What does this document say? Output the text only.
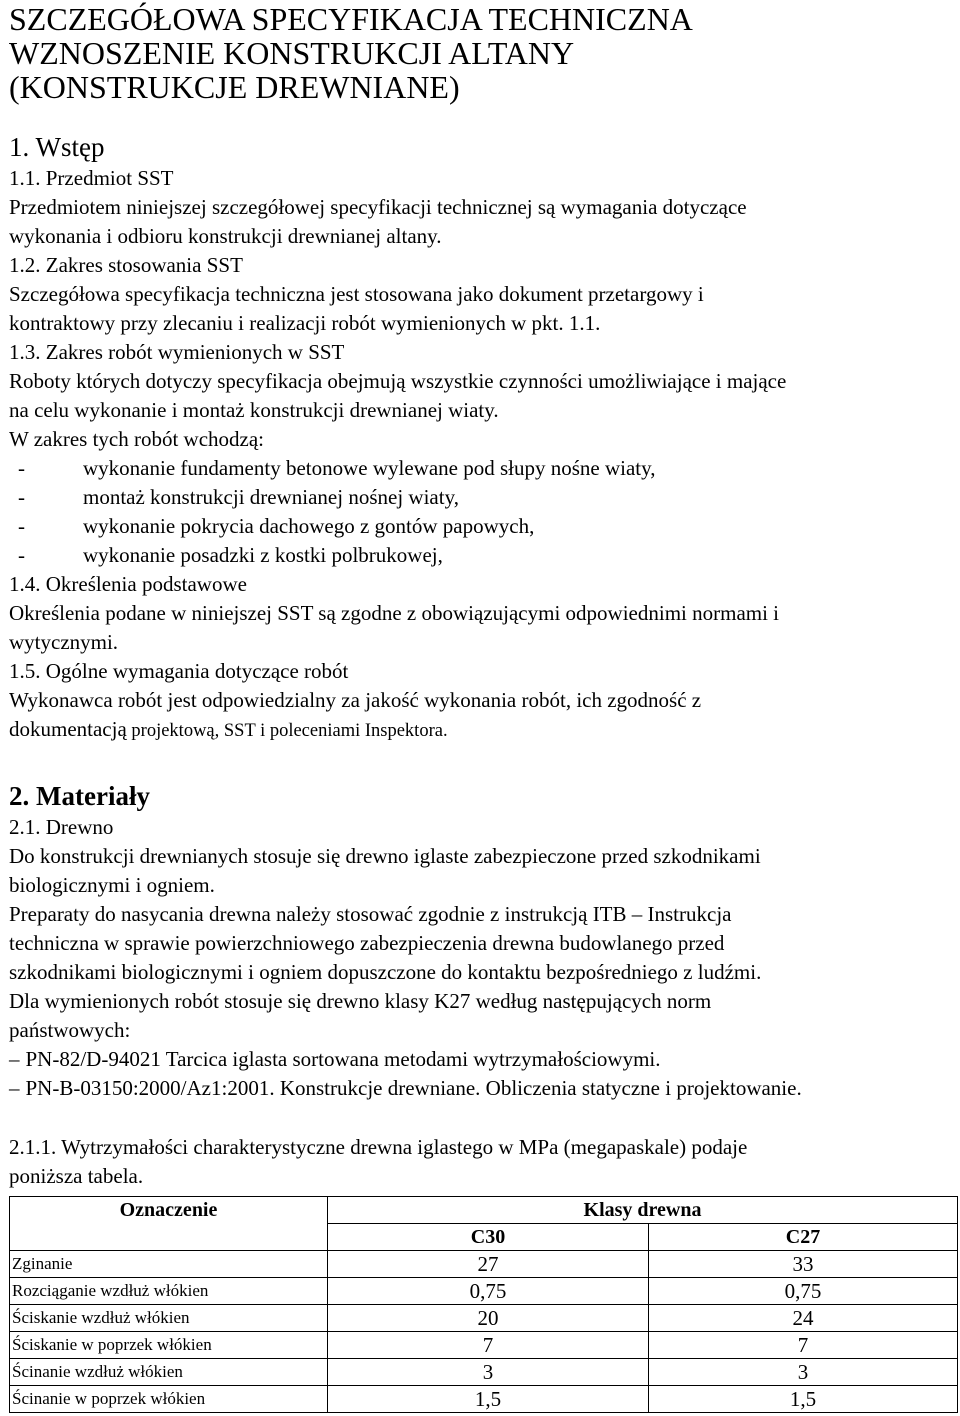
SZCZEGÓŁOWA SPECYFIKACJA TECHNICZNA
WZNOSZENIE KONSTRUKCJI ALTANY
(KONSTRUKCJE DREWNIANE)
1. Wstęp
1.1. Przedmiot SST
Przedmiotem niniejszej szczegółowej specyfikacji technicznej są wymagania dotyczące
wykonania i odbioru konstrukcji drewnianej altany.
1.2. Zakres stosowania SST
Szczegółowa specyfikacja techniczna jest stosowana jako dokument przetargowy i
kontraktowy przy zlecaniu i realizacji robót wymienionych w pkt. 1.1.
1.3. Zakres robót wymienionych w SST
Roboty których dotyczy specyfikacja obejmują wszystkie czynności umożliwiające i mające
na celu wykonanie i montaż konstrukcji drewnianej wiaty.
W zakres tych robót wchodzą:
-	wykonanie fundamenty betonowe wylewane pod słupy nośne wiaty,
-	montaż konstrukcji drewnianej nośnej wiaty,
-	wykonanie pokrycia dachowego z gontów papowych,
-	wykonanie posadzki z kostki polbrukowej,
1.4. Określenia podstawowe
Określenia podane w niniejszej SST są zgodne z obowiązującymi odpowiednimi normami i
wytycznymi.
1.5. Ogólne wymagania dotyczące robót
Wykonawca robót jest odpowiedzialny za jakość wykonania robót, ich zgodność z
dokumentacją projektową, SST i poleceniami Inspektora.
2. Materiały
2.1. Drewno
Do konstrukcji drewnianych stosuje się drewno iglaste zabezpieczone przed szkodnikami
biologicznymi i ogniem.
Preparaty do nasycania drewna należy stosować zgodnie z instrukcją ITB – Instrukcja
techniczna w sprawie powierzchniowego zabezpieczenia drewna budowlanego przed
szkodnikami biologicznymi i ogniem dopuszczone do kontaktu bezpośredniego z ludźmi.
Dla wymienionych robót stosuje się drewno klasy K27 według następujących norm
państwowych:
– PN-82/D-94021 Tarcica iglasta sortowana metodami wytrzymałościowymi.
– PN-B-03150:2000/Az1:2001. Konstrukcje drewniane. Obliczenia statyczne i projektowanie.
2.1.1. Wytrzymałości charakterystyczne drewna iglastego w MPa (megapaskale) podaje
poniższa tabela.
Oznaczenie	Klasy drewna	
	C30	C27
Zginanie	27	33
Rozciąganie wzdłuż włókien	0,75	0,75
Ściskanie wzdłuż włókien	20	24
Ściskanie w poprzek włókien	7	7
Ścinanie wzdłuż włókien	3	3
Ścinanie w poprzek włókien	1,5	1,5
